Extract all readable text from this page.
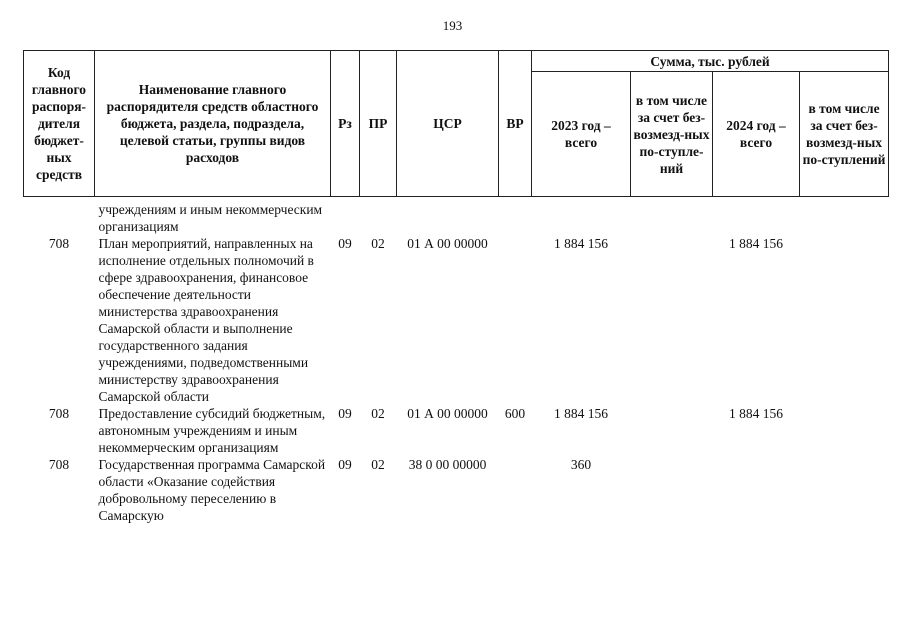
193
Код главного распоря-дителя бюджет-ных средств	Наименование главного распорядителя средств областного бюджета, раздела, подраздела, целевой статьи, группы видов расходов	Рз	ПР	ЦСР	ВР	Сумма, тыс. рублей			
						2023 год – всего	в том числе за счет без-возмезд-ных по-ступле-ний	2024 год – всего	в том числе за счет без-возмезд-ных по-ступлений
	учреждениям и иным некоммерческим организациям								
708	План мероприятий, направленных на исполнение отдельных полномочий в сфере здравоохранения, финансовое обеспечение деятельности министерства здравоохранения Самарской области и выполнение государственного задания учреждениями, подведомственными министерству здравоохранения Самарской области	09	02	01 А 00 00000		1 884 156		1 884 156	
708	Предоставление субсидий бюджетным, автономным учреждениям и иным некоммерческим организациям	09	02	01 А 00 00000	600	1 884 156		1 884 156	
708	Государственная программа Самарской области «Оказание содействия добровольному переселению в Самарскую	09	02	38 0 00 00000		360			
